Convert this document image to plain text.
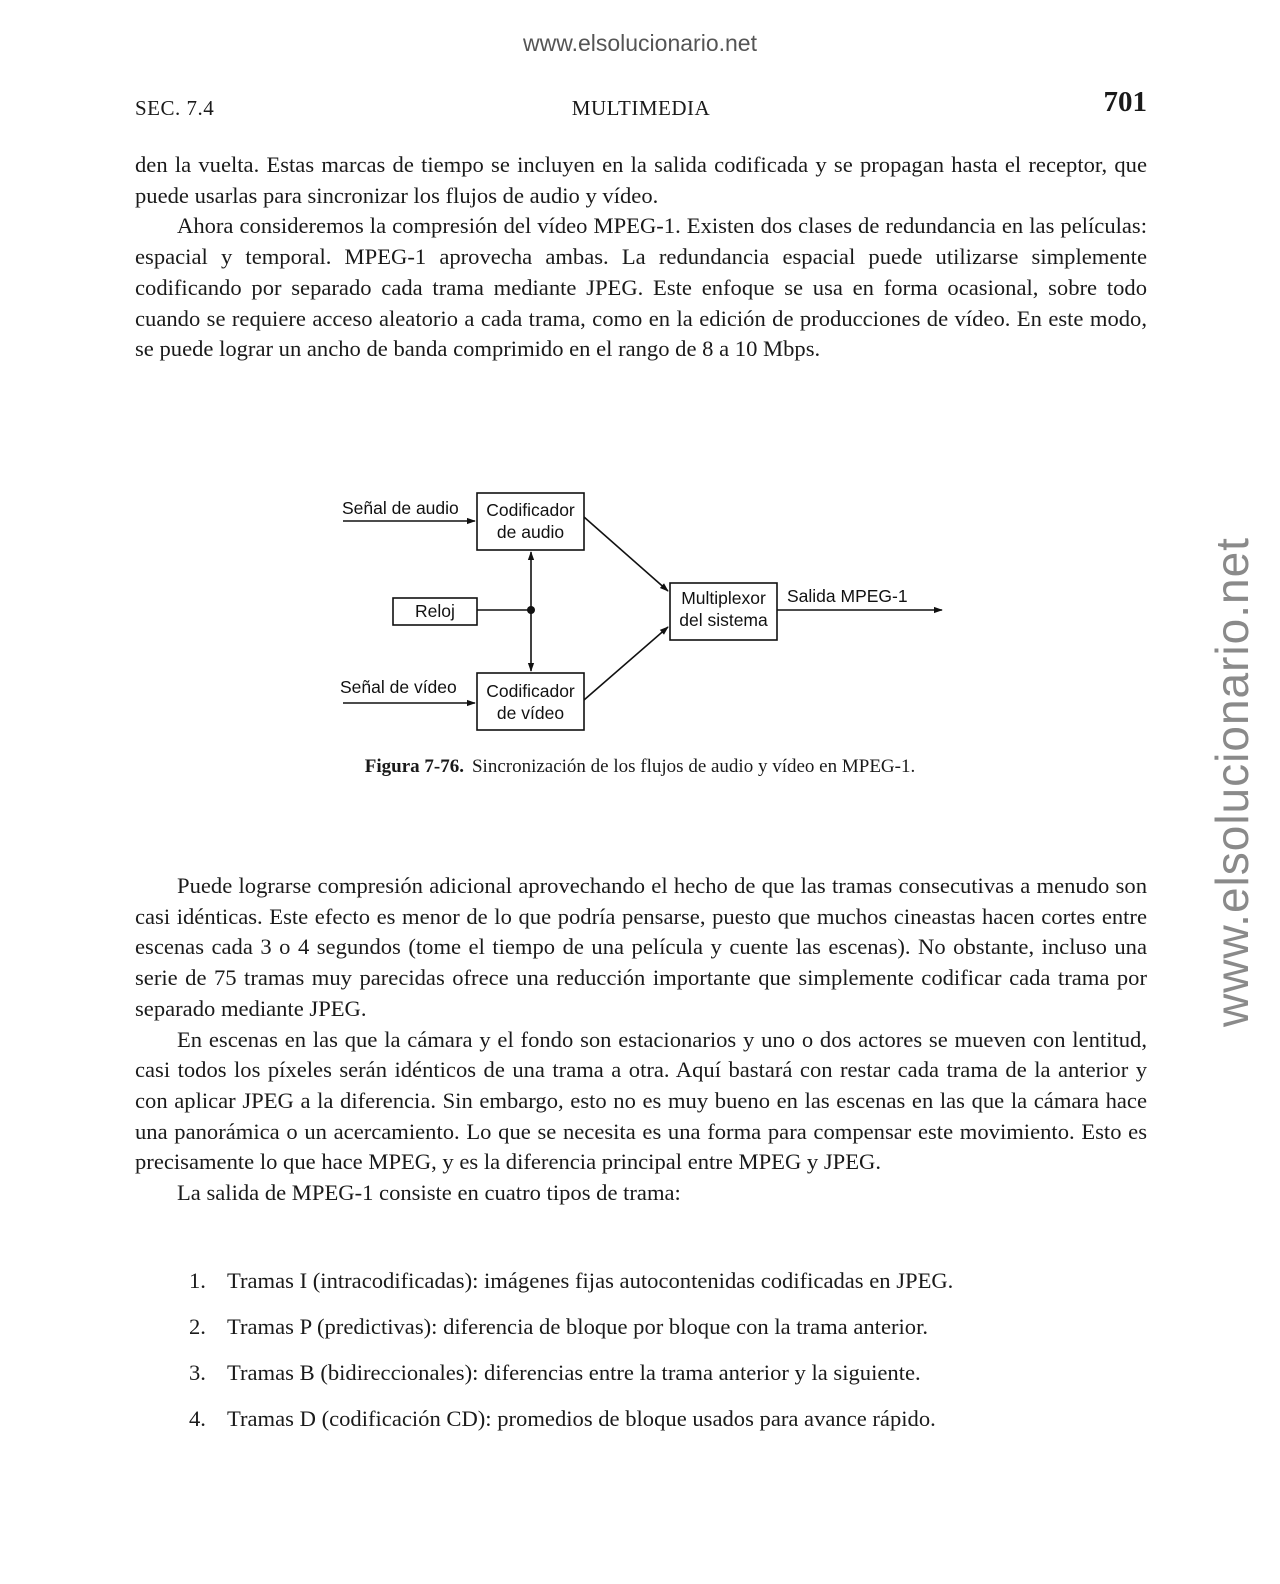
www.elsolucionario.net
www.elsolucionario.net
SEC. 7.4	MULTIMEDIA	701

den la vuelta. Estas marcas de tiempo se incluyen en la salida codificada y se propagan hasta el receptor, que puede usarlas para sincronizar los flujos de audio y vídeo.

Ahora consideremos la compresión del vídeo MPEG-1. Existen dos clases de redundancia en las películas: espacial y temporal. MPEG-1 aprovecha ambas. La redundancia espacial puede utilizarse simplemente codificando por separado cada trama mediante JPEG. Este enfoque se usa en forma ocasional, sobre todo cuando se requiere acceso aleatorio a cada trama, como en la edición de producciones de vídeo. En este modo, se puede lograr un ancho de banda comprimido en el rango de 8 a 10 Mbps.

Señal de audio	Codificador
de audio
Reloj
Señal de vídeo	Codificador
de vídeo
Multiplexor
del sistema
Salida MPEG-1
Figura 7-76. Sincronización de los flujos de audio y vídeo en MPEG-1.

Puede lograrse compresión adicional aprovechando el hecho de que las tramas consecutivas a menudo son casi idénticas. Este efecto es menor de lo que podría pensarse, puesto que muchos cineastas hacen cortes entre escenas cada 3 o 4 segundos (tome el tiempo de una película y cuente las escenas). No obstante, incluso una serie de 75 tramas muy parecidas ofrece una reducción importante que simplemente codificar cada trama por separado mediante JPEG.

En escenas en las que la cámara y el fondo son estacionarios y uno o dos actores se mueven con lentitud, casi todos los píxeles serán idénticos de una trama a otra. Aquí bastará con restar cada trama de la anterior y con aplicar JPEG a la diferencia. Sin embargo, esto no es muy bueno en las escenas en las que la cámara hace una panorámica o un acercamiento. Lo que se necesita es una forma para compensar este movimiento. Esto es precisamente lo que hace MPEG, y es la diferencia principal entre MPEG y JPEG.

La salida de MPEG-1 consiste en cuatro tipos de trama:

1. Tramas I (intracodificadas): imágenes fijas autocontenidas codificadas en JPEG.
2. Tramas P (predictivas): diferencia de bloque por bloque con la trama anterior.
3. Tramas B (bidireccionales): diferencias entre la trama anterior y la siguiente.
4. Tramas D (codificación CD): promedios de bloque usados para avance rápido.
